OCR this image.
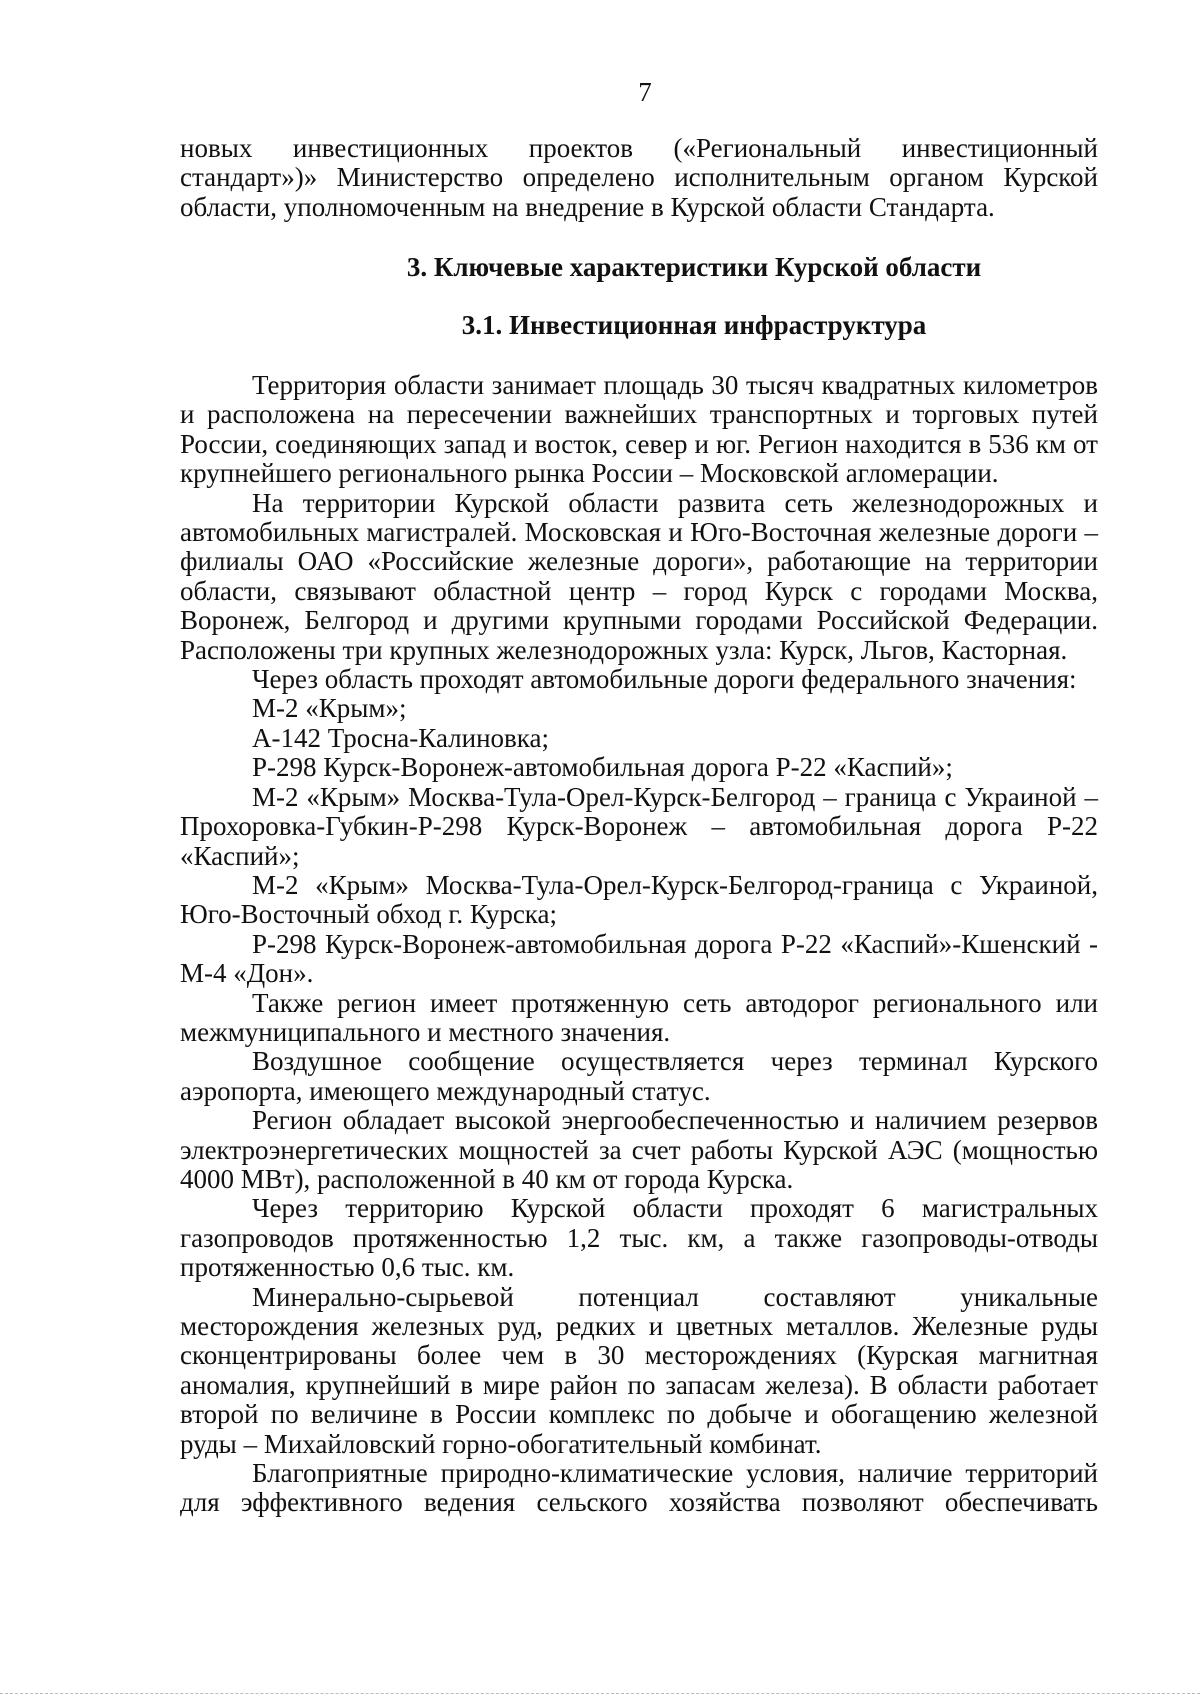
7

новых инвестиционных проектов («Региональный инвестиционный

стандарт»)» Министерство определено исполнительным органом Курской

области, уполномоченным на внедрение в Курской области Стандарта.

3. Ключевые характеристики Курской области
3.1. Инвестиционная инфраструктура

Территория области занимает площадь 30 тысяч квадратных километров и расположена на пересечении важнейших транспортных и торговых путей России, соединяющих запад и восток, север и юг. Регион находится в 536 км от крупнейшего регионального рынка России – Московской агломерации.

На территории Курской области развита сеть железнодорожных и автомобильных магистралей. Московская и Юго-Восточная железные дороги – филиалы ОАО «Российские железные дороги», работающие на территории области, связывают областной центр – город Курск с городами Москва, Воронеж, Белгород и другими крупными городами Российской Федерации. Расположены три крупных железнодорожных узла: Курск, Льгов, Касторная.

Через область проходят автомобильные дороги федерального значения:

М-2 «Крым»;

А-142 Тросна-Калиновка;

Р-298 Курск-Воронеж-автомобильная дорога Р-22 «Каспий»;

М-2 «Крым» Москва-Тула-Орел-Курск-Белгород – граница с Украиной – Прохоровка-Губкин-Р-298 Курск-Воронеж – автомобильная дорога Р-22 «Каспий»;

М-2 «Крым» Москва-Тула-Орел-Курск-Белгород-граница с Украиной, Юго-Восточный обход г. Курска;

Р-298 Курск-Воронеж-автомобильная дорога Р-22 «Каспий»-Кшенский - М-4 «Дон».

Также регион имеет протяженную сеть автодорог регионального или межмуниципального и местного значения.

Воздушное сообщение осуществляется через терминал Курского аэропорта, имеющего международный статус.

Регион обладает высокой энергообеспеченностью и наличием резервов электроэнергетических мощностей за счет работы Курской АЭС (мощностью 4000 МВт), расположенной в 40 км от города Курска.

Через территорию Курской области проходят 6 магистральных газопроводов протяженностью 1,2 тыс. км, а также газопроводы-отводы протяженностью 0,6 тыс. км.

Минерально-сырьевой потенциал составляют уникальные месторождения железных руд, редких и цветных металлов. Железные руды сконцентрированы более чем в 30 месторождениях (Курская магнитная аномалия, крупнейший в мире район по запасам железа). В области работает второй по величине в России комплекс по добыче и обогащению железной руды – Михайловский горно-обогатительный комбинат.

Благоприятные природно-климатические условия, наличие территорий для эффективного ведения сельского хозяйства позволяют обеспечивать
